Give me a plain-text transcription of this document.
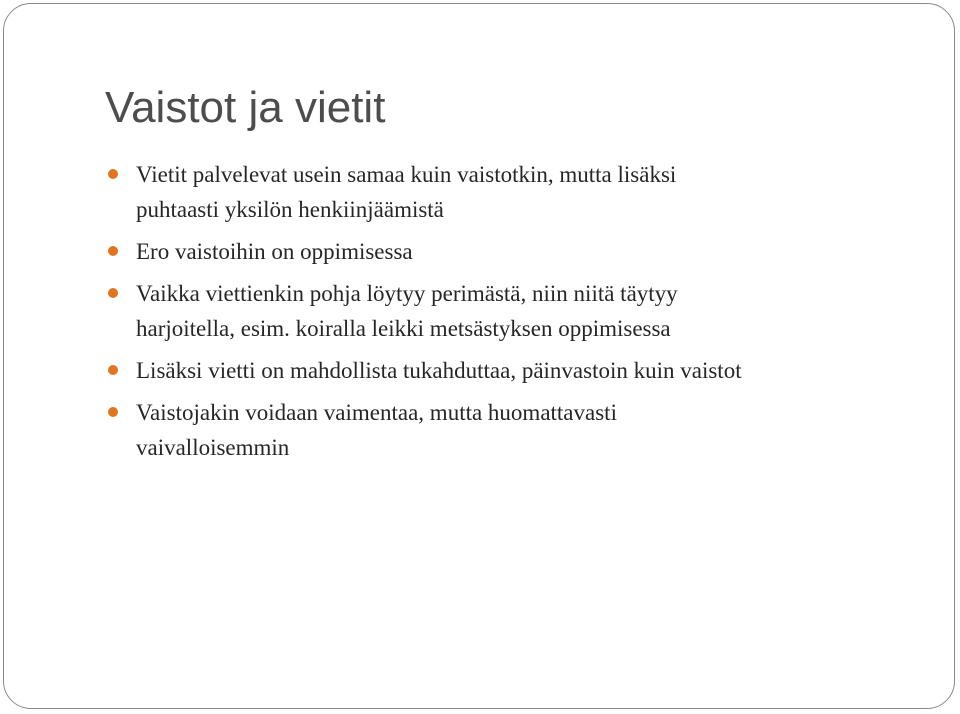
Vaistot ja vietit
Vietit palvelevat usein samaa kuin vaistotkin, mutta lisäksi
puhtaasti yksilön henkiinjäämistä
Ero vaistoihin on oppimisessa
Vaikka viettienkin pohja löytyy perimästä, niin niitä täytyy
harjoitella, esim. koiralla leikki metsästyksen oppimisessa
Lisäksi vietti on mahdollista tukahduttaa, päinvastoin kuin vaistot
Vaistojakin voidaan vaimentaa, mutta huomattavasti
vaivalloisemmin
